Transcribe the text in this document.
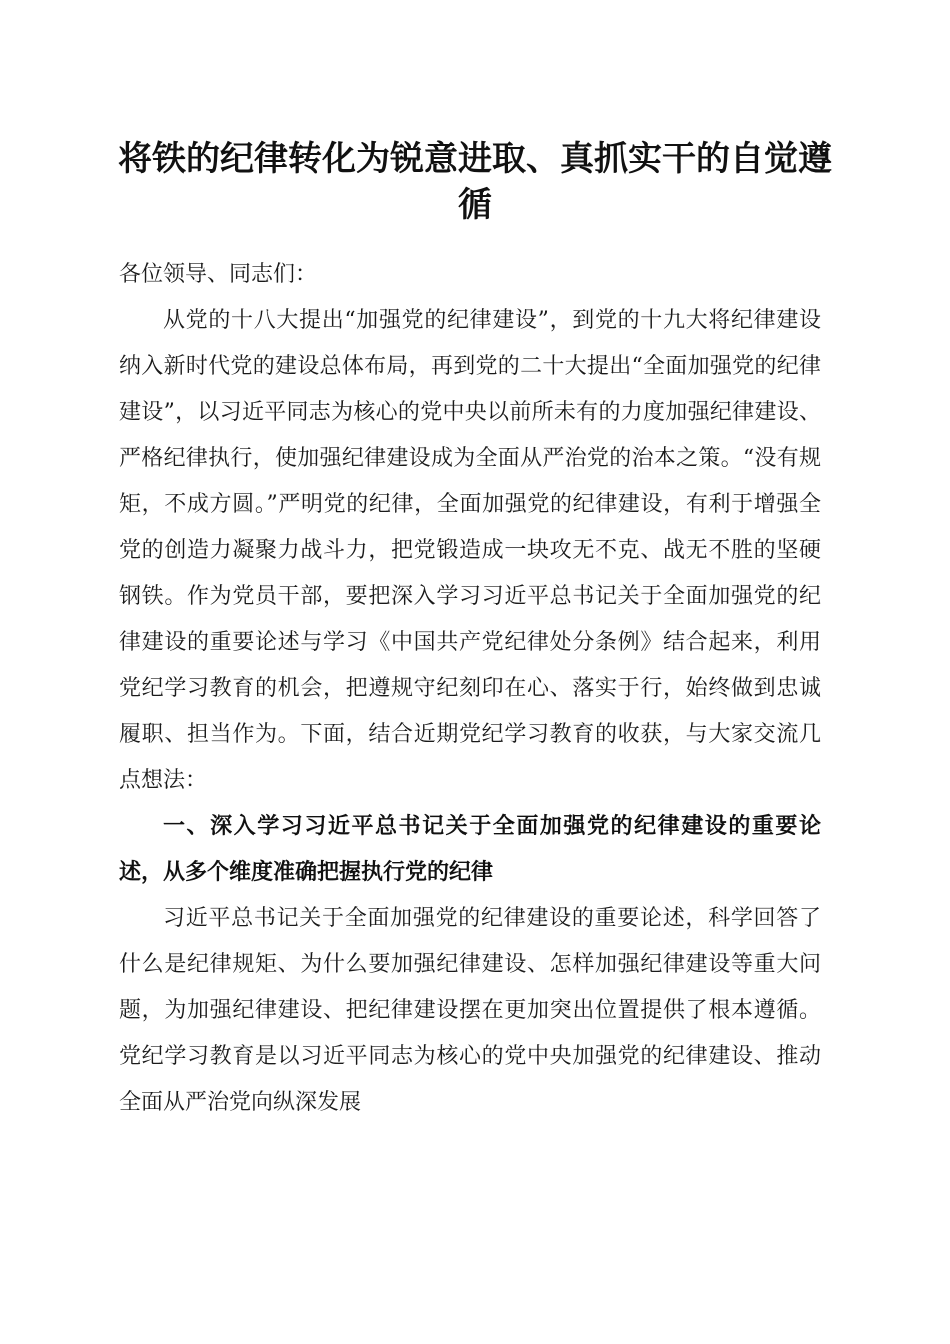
将铁的纪律转化为锐意进取、真抓实干的自觉遵循

各位领导、同志们：

从党的十八大提出“加强党的纪律建设”，到党的十九大将纪律建设纳入新时代党的建设总体布局，再到党的二十大提出“全面加强党的纪律建设”，以习近平同志为核心的党中央以前所未有的力度加强纪律建设、严格纪律执行，使加强纪律建设成为全面从严治党的治本之策。“没有规矩，不成方圆。”严明党的纪律，全面加强党的纪律建设，有利于增强全党的创造力凝聚力战斗力，把党锻造成一块攻无不克、战无不胜的坚硬钢铁。作为党员干部，要把深入学习习近平总书记关于全面加强党的纪律建设的重要论述与学习《中国共产党纪律处分条例》结合起来，利用党纪学习教育的机会，把遵规守纪刻印在心、落实于行，始终做到忠诚履职、担当作为。下面，结合近期党纪学习教育的收获，与大家交流几点想法：

一、深入学习习近平总书记关于全面加强党的纪律建设的重要论述，从多个维度准确把握执行党的纪律

习近平总书记关于全面加强党的纪律建设的重要论述，科学回答了什么是纪律规矩、为什么要加强纪律建设、怎样加强纪律建设等重大问题，为加强纪律建设、把纪律建设摆在更加突出位置提供了根本遵循。党纪学习教育是以习近平同志为核心的党中央加强党的纪律建设、推动全面从严治党向纵深发展
